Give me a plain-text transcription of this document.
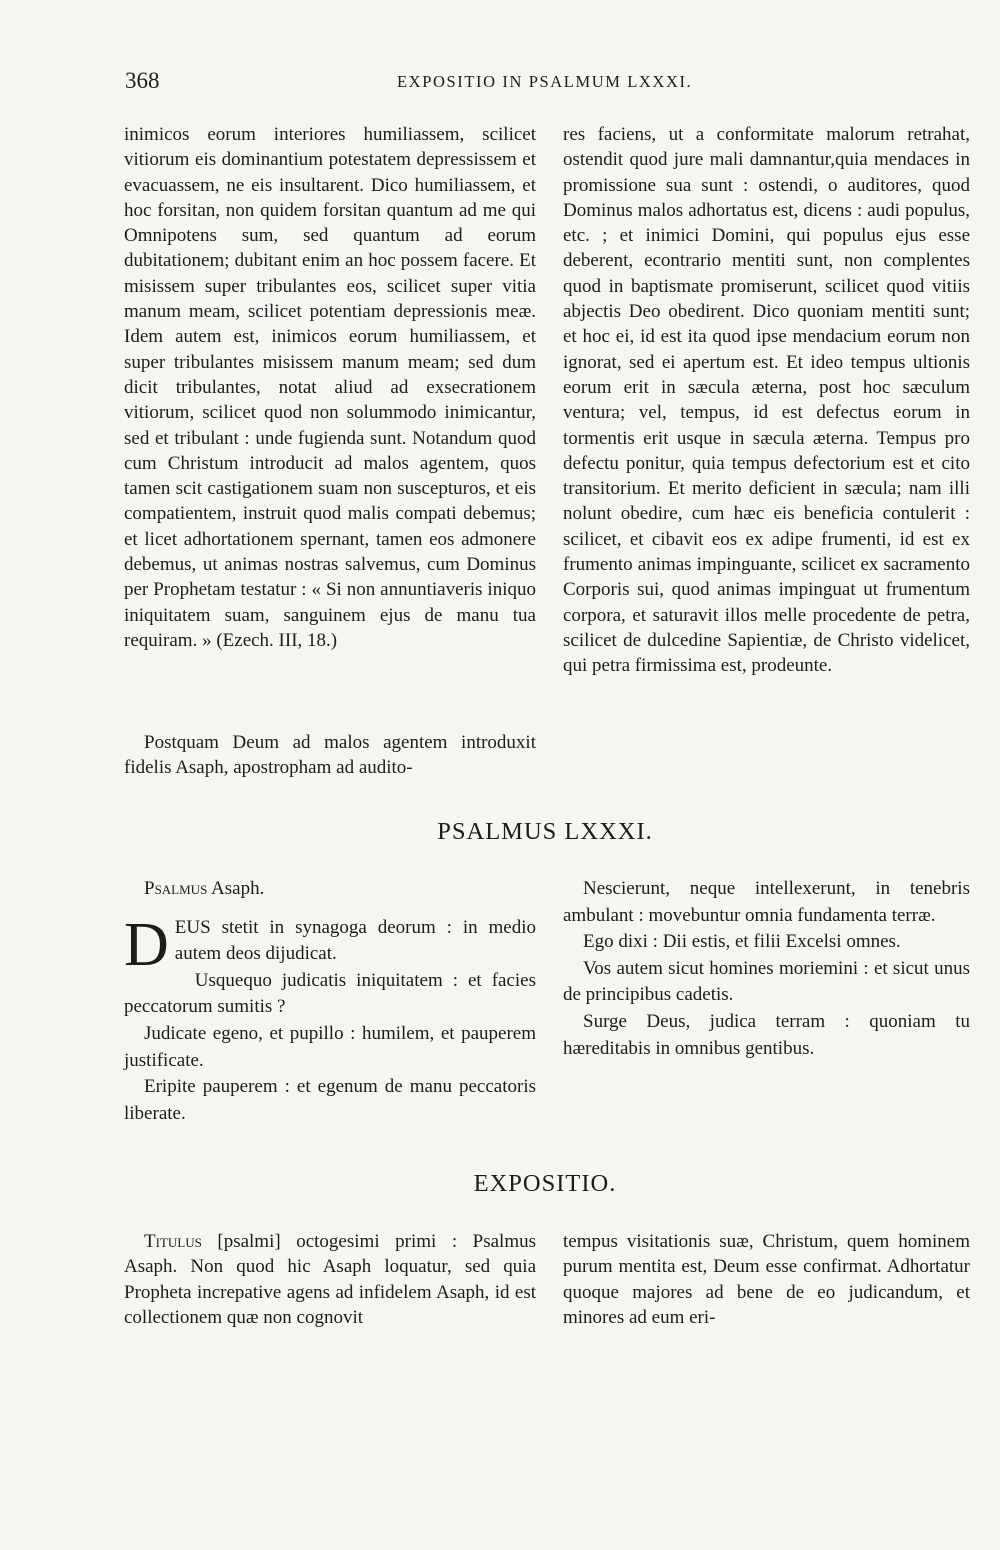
368	EXPOSITIO IN PSALMUM LXXXI.

inimicos eorum interiores humiliassem, scilicet vitiorum eis dominantium potestatem depressissem et evacuassem, ne eis insultarent. Dico humiliassem, et hoc forsitan, non quidem forsitan quantum ad me qui Omnipotens sum, sed quantum ad eorum dubitationem; dubitant enim an hoc possem facere. Et misissem super tribulantes eos, scilicet super vitia manum meam, scilicet potentiam depressionis meæ. Idem autem est, inimicos eorum humiliassem, et super tribulantes misissem manum meam; sed dum dicit tribulantes, notat aliud ad exsecrationem vitiorum, scilicet quod non solummodo inimicantur, sed et tribulant : unde fugienda sunt. Notandum quod cum Christum introducit ad malos agentem, quos tamen scit castigationem suam non suscepturos, et eis compatientem, instruit quod malis compati debemus; et licet adhortationem spernant, tamen eos admonere debemus, ut animas nostras salvemus, cum Dominus per Prophetam testatur : « Si non annuntiaveris iniquo iniquitatem suam, sanguinem ejus de manu tua requiram. » (Ezech. III, 18.)

Postquam Deum ad malos agentem introduxit fidelis Asaph, apostropham ad audito-

res faciens, ut a conformitate malorum retrahat, ostendit quod jure mali damnantur,quia mendaces in promissione sua sunt : ostendi, o auditores, quod Dominus malos adhortatus est, dicens : audi populus, etc. ; et inimici Domini, qui populus ejus esse deberent, econtrario mentiti sunt, non complentes quod in baptismate promiserunt, scilicet quod vitiis abjectis Deo obedirent. Dico quoniam mentiti sunt; et hoc ei, id est ita quod ipse mendacium eorum non ignorat, sed ei apertum est. Et ideo tempus ultionis eorum erit in sæcula æterna, post hoc sæculum ventura; vel, tempus, id est defectus eorum in tormentis erit usque in sæcula æterna. Tempus pro defectu ponitur, quia tempus defectorium est et cito transitorium. Et merito deficient in sæcula; nam illi nolunt obedire, cum hæc eis beneficia contulerit : scilicet, et cibavit eos ex adipe frumenti, id est ex frumento animas impinguante, scilicet ex sacramento Corporis sui, quod animas impinguat ut frumentum corpora, et saturavit illos melle procedente de petra, scilicet de dulcedine Sapientiæ, de Christo videlicet, qui petra firmissima est, prodeunte.

PSALMUS LXXXI.

Psalmus Asaph.

DEUS stetit in synagoga deorum : in medio autem deos dijudicat.

Usquequo judicatis iniquitatem : et facies peccatorum sumitis ?

Judicate egeno, et pupillo : humilem, et pauperem justificate.

Eripite pauperem : et egenum de manu peccatoris liberate.

Nescierunt, neque intellexerunt, in tenebris ambulant : movebuntur omnia fundamenta terræ.

Ego dixi : Dii estis, et filii Excelsi omnes.

Vos autem sicut homines moriemini : et sicut unus de principibus cadetis.

Surge Deus, judica terram : quoniam tu hæreditabis in omnibus gentibus.

EXPOSITIO.

Titulus [psalmi] octogesimi primi : Psalmus Asaph. Non quod hic Asaph loquatur, sed quia Propheta increpative agens ad infidelem Asaph, id est collectionem quæ non cognovit

tempus visitationis suæ, Christum, quem hominem purum mentita est, Deum esse confirmat. Adhortatur quoque majores ad bene de eo judicandum, et minores ad eum eri-
